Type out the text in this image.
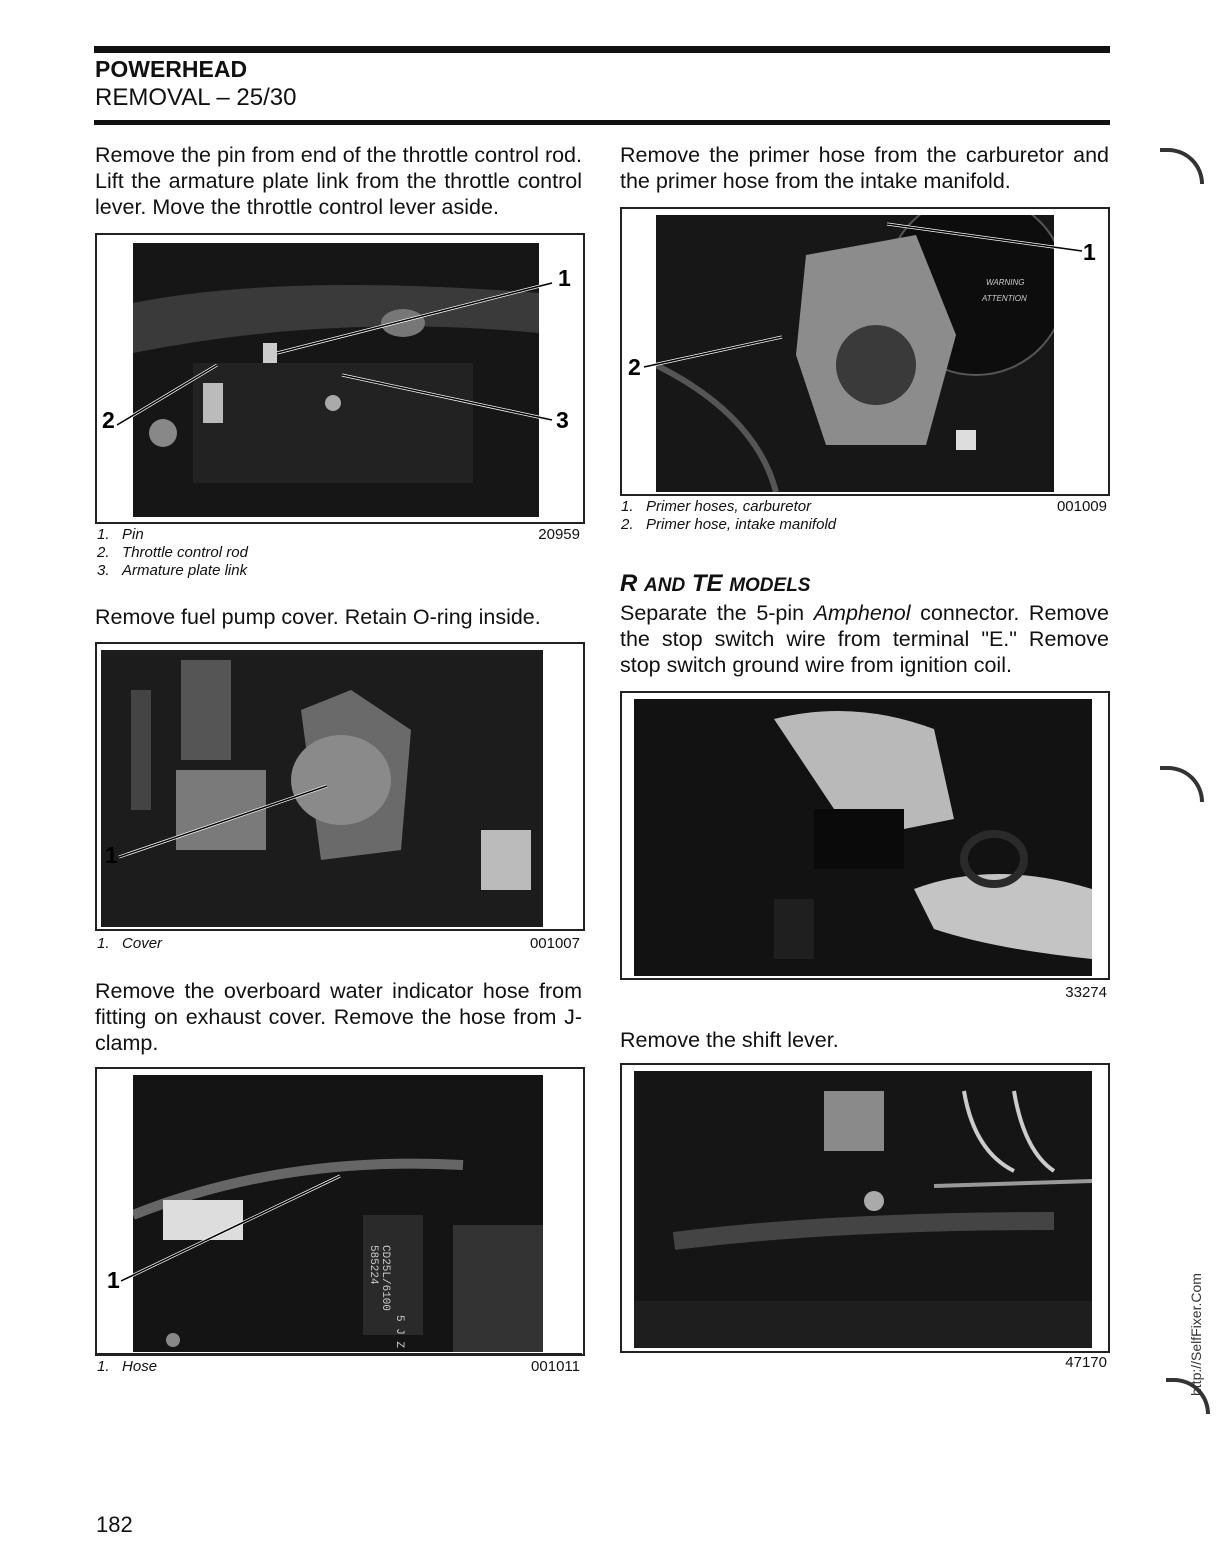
POWERHEAD
REMOVAL – 25/30
Remove the pin from end of the throttle control rod. Lift the armature plate link from the throttle control lever. Move the throttle control lever aside.
1
2	3
1. Pin
2. Throttle control rod
3. Armature plate link
20959
Remove fuel pump cover. Retain O-ring inside.
1
1. Cover	001007
Remove the overboard water indicator hose from fitting on exhaust cover. Remove the hose from J-clamp.
CD25L/6100
585224
5 J Z
1
1. Hose	001011
Remove the primer hose from the carburetor and the primer hose from the intake manifold.
WARNING
ATTENTION
1
2
1. Primer hoses, carburetor
2. Primer hose, intake manifold
001009
R AND TE MODELS
Separate the 5-pin Amphenol connector. Remove the stop switch wire from terminal "E." Remove stop switch ground wire from ignition coil.
33274
Remove the shift lever.
47170
182
http://SelfFixer.Com
